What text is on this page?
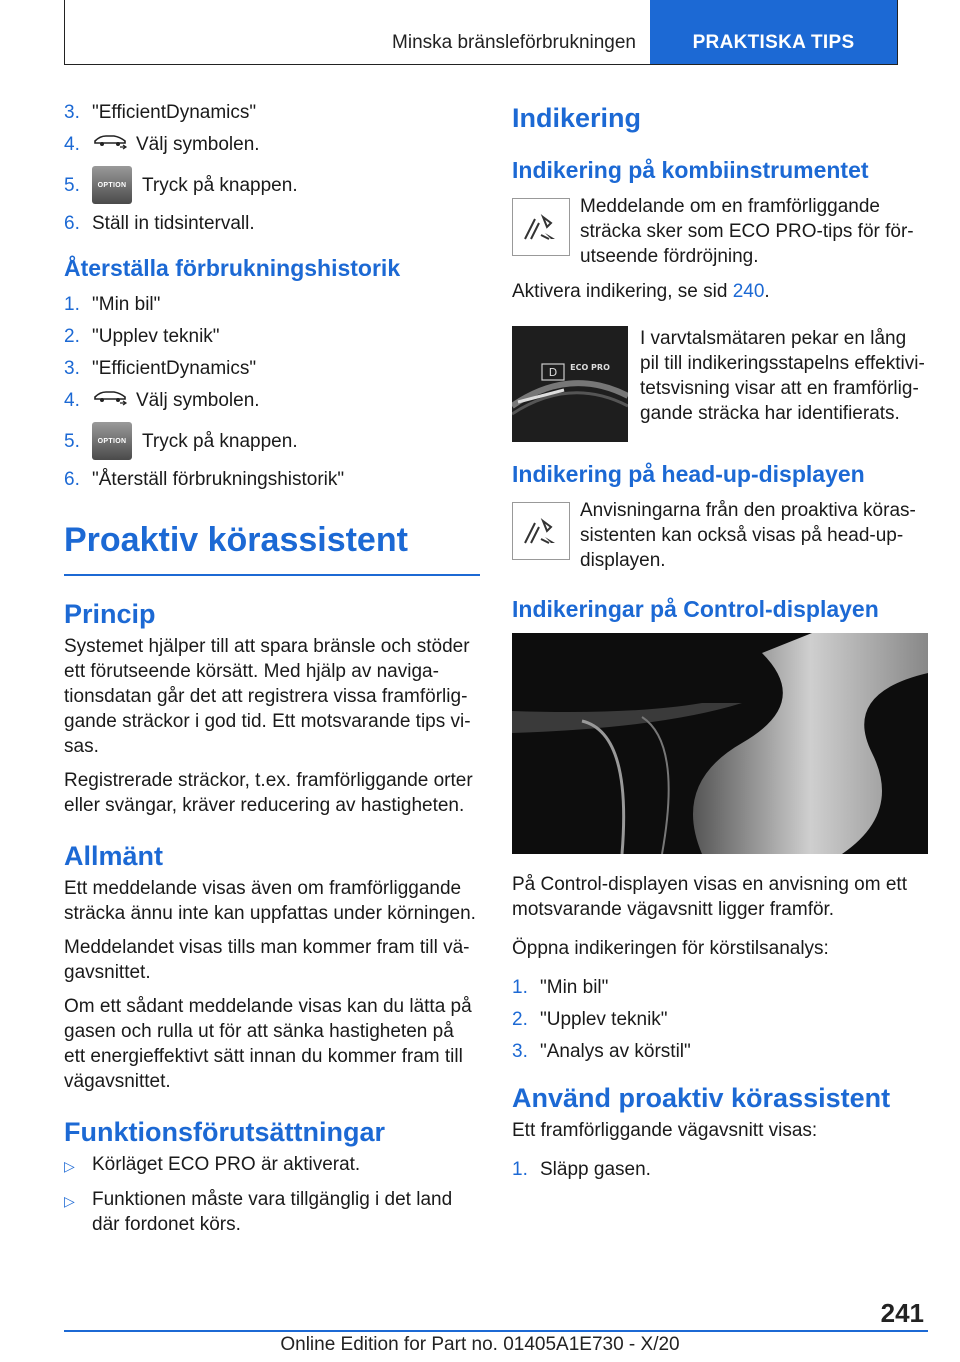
Minska bränsleförbrukningen	PRAKTISKA TIPS
3. "EfficientDynamics"
4.	Välj symbolen.
5.	OPTION Tryck på knappen.
6. Ställ in tidsintervall.
Återställa förbrukningshistorik
1. "Min bil"
2. "Upplev teknik"
3. "EfficientDynamics"
4.	Välj symbolen.
5.	OPTION Tryck på knappen.
6. "Återställ förbrukningshistorik"
Proaktiv körassistent
Princip

Systemet hjälper till att spara bränsle och stöder ett förutseende körsätt. Med hjälp av navigationsdatan går det att registrera vissa framförliggande sträckor i god tid. Ett motsvarande tips visas.

Registrerade sträckor, t.ex. framförliggande orter eller svängar, kräver reducering av hastigheten.

Allmänt

Ett meddelande visas även om framförliggande sträcka ännu inte kan uppfattas under körningen.

Meddelandet visas tills man kommer fram till vägavsnittet.

Om ett sådant meddelande visas kan du lätta på gasen och rulla ut för att sänka hastigheten på ett energieffektivt sätt innan du kommer fram till vägavsnittet.

Funktionsförutsättningar
▷ Körläget ECO PRO är aktiverat.
▷ Funktionen måste vara tillgänglig i det land där fordonet körs.
Indikering
Indikering på kombiinstrumentet
Meddelande om en framförliggande sträcka sker som ECO PRO-tips för förutseende fördröjning.

Aktivera indikering, se sid 240.

D ECO PRO
I varvtalsmätaren pekar en lång pil till indikeringsstapelns effektivitetsvisning visar att en framförliggande sträcka har identifierats.
Indikering på head-up-displayen
Anvisningarna från den proaktiva körassistenten kan också visas på head-up-displayen.
Indikeringar på Control-displayen

På Control-displayen visas en anvisning om ett motsvarande vägavsnitt ligger framför.

Öppna indikeringen för körstilsanalys:

1. "Min bil"
2. "Upplev teknik"
3. "Analys av körstil"
Använd proaktiv körassistent

Ett framförliggande vägavsnitt visas:

1. Släpp gasen.
241
Online Edition for Part no. 01405A1E730 - X/20
